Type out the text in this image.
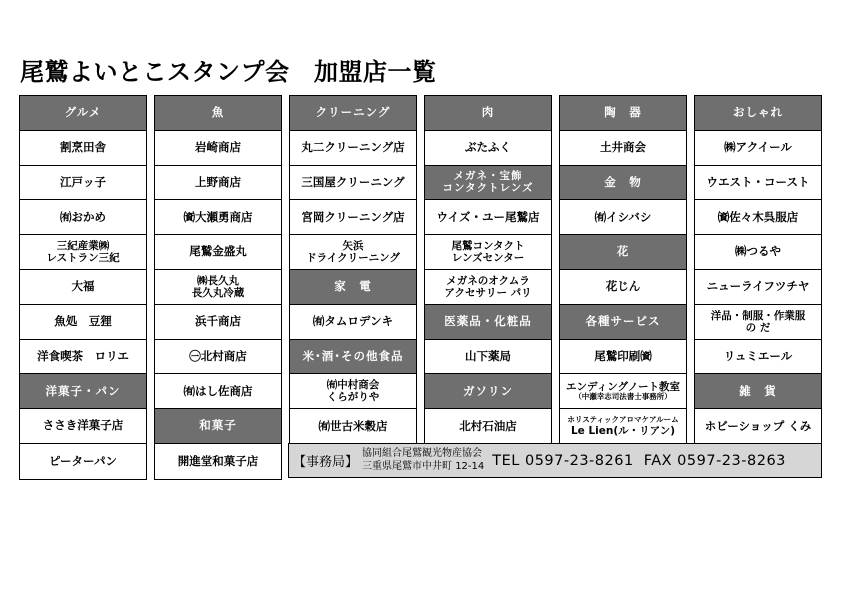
尾鷲よいとこスタンプ会　加盟店一覧
グルメ
割烹田舎
江戸ッ子
㈲おかめ
三紀産業㈱
レストラン三紀
大福
魚処　豆狸
洋食喫茶　ロリエ
洋菓子・パン
ささき洋菓子店
ピーターパン
魚
岩崎商店
上野商店
㈾大瀬勇商店
尾鷲金盛丸
㈱長久丸
長久丸冷蔵
浜千商店
㊀北村商店
㈲はし佐商店
和菓子
開進堂和菓子店
クリーニング
丸二クリーニング店
三国屋クリーニング
宮岡クリーニング店
矢浜
ドライクリーニング
家　電
㈲タムロデンキ
米･酒･その他食品
㈲中村商会
くらがりや
㈲世古米穀店
肉
ぶたふく
メガネ・宝飾
コンタクトレンズ
ウイズ・ユー尾鷲店
尾鷲コンタクト
レンズセンター
メガネのオクムラ
アクセサリー パリ
医薬品・化粧品
山下薬局
ガソリン
北村石油店
陶　器
土井商会
金　物
㈲イシバシ
花
花じん
各種サービス
尾鷲印刷㈾
エンディングノート教室
（中瀬幸志司法書士事務所）
ホリスティックアロマケアルーム
Le Lien(ル・リアン)
おしゃれ
㈱アクイール
ウエスト・コースト
㈾佐々木呉服店
㈱つるや
ニューライフツチヤ
洋品・制服・作業服
の だ
リュミエール
雑　貨
ホビーショップ くみ
【事務局】
協同組合尾鷲観光物産協会
三重県尾鷲市中井町 12-14 TEL 0597-23-8261 FAX 0597-23-8263
